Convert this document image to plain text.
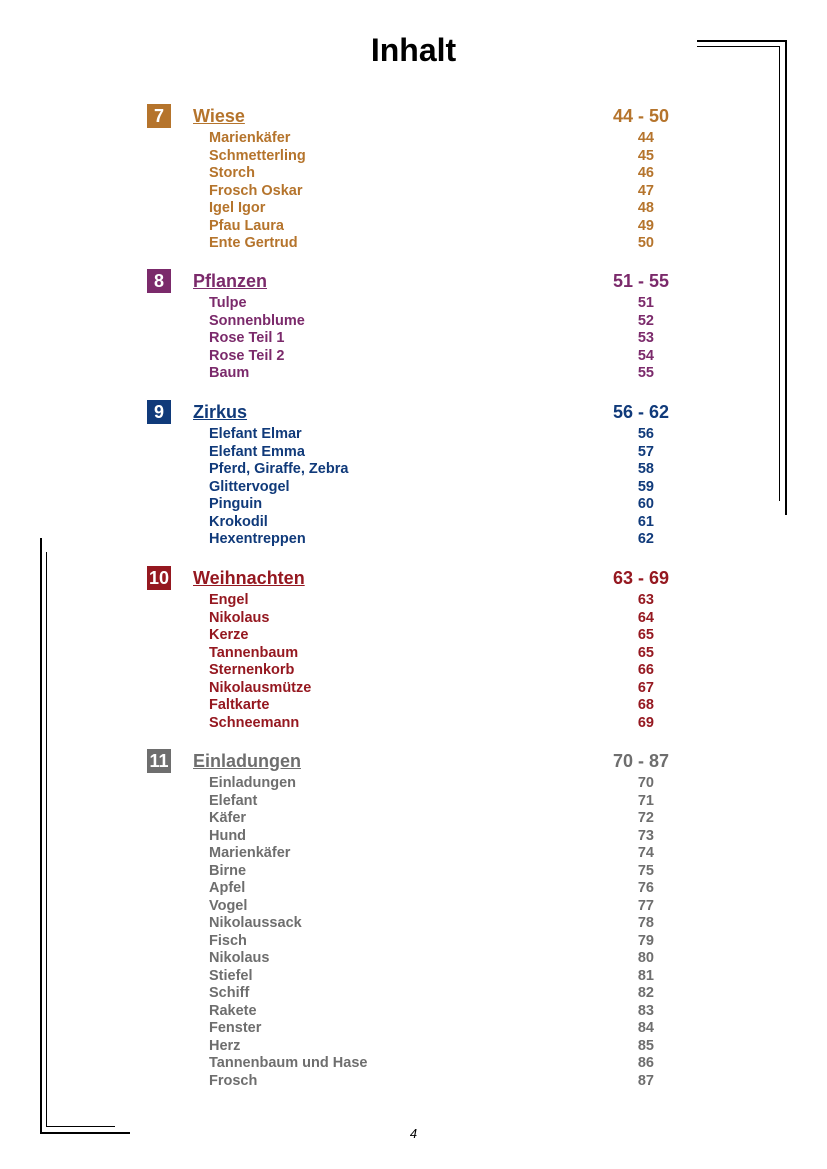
Inhalt
7	Wiese	44 - 50
Marienkäfer	44
Schmetterling	45
Storch	46
Frosch Oskar	47
Igel Igor	48
Pfau Laura	49
Ente Gertrud	50
8	Pflanzen	51 - 55
Tulpe	51
Sonnenblume	52
Rose Teil 1	53
Rose Teil 2	54
Baum	55
9	Zirkus	56 - 62
Elefant Elmar	56
Elefant Emma	57
Pferd, Giraffe, Zebra	58
Glittervogel	59
Pinguin	60
Krokodil	61
Hexentreppen	62
10 Weihnachten	63 - 69
Engel	63
Nikolaus	64
Kerze	65
Tannenbaum	65
Sternenkorb	66
Nikolausmütze	67
Faltkarte	68
Schneemann	69
11 Einladungen	70 - 87
Einladungen	70
Elefant	71
Käfer	72
Hund	73
Marienkäfer	74
Birne	75
Apfel	76
Vogel	77
Nikolaussack	78
Fisch	79
Nikolaus	80
Stiefel	81
Schiff	82
Rakete	83
Fenster	84
Herz	85
Tannenbaum und Hase	86
Frosch	87
4
